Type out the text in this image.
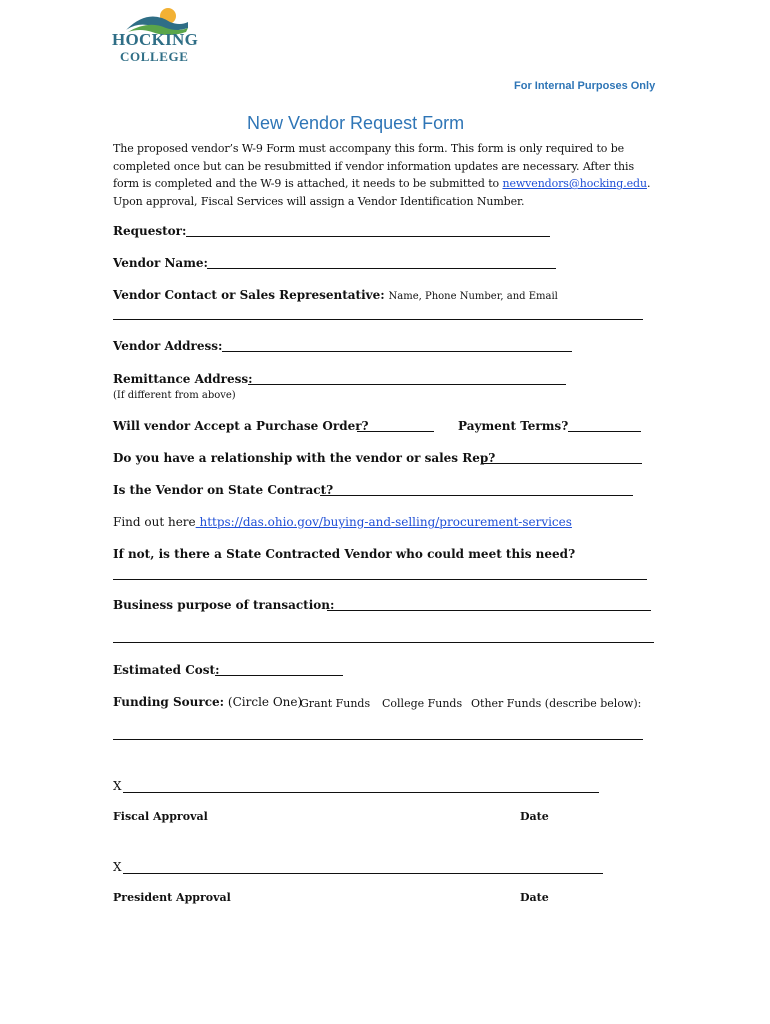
HOCKING
COLLEGE
For Internal Purposes Only
New Vendor Request Form
The proposed vendor’s W-9 Form must accompany this form. This form is only required to be completed once but can be resubmitted if vendor information updates are necessary. After this form is completed and the W-9 is attached, it needs to be submitted to newvendors@hocking.edu. Upon approval, Fiscal Services will assign a Vendor Identification Number.
Requestor:
Vendor Name:
Vendor Contact or Sales Representative: Name, Phone Number, and Email
Vendor Address:
Remittance Address:
(If different from above)
Will vendor Accept a Purchase Order?	Payment Terms?
Do you have a relationship with the vendor or sales Rep?
Is the Vendor on State Contract?
Find out here https://das.ohio.gov/buying-and-selling/procurement-services
If not, is there a State Contracted Vendor who could meet this need?
Business purpose of transaction:
Estimated Cost:
Funding Source: (Circle One)
Grant Funds College Funds Other Funds (describe below):
X
Fiscal Approval	Date
X
President Approval	Date
